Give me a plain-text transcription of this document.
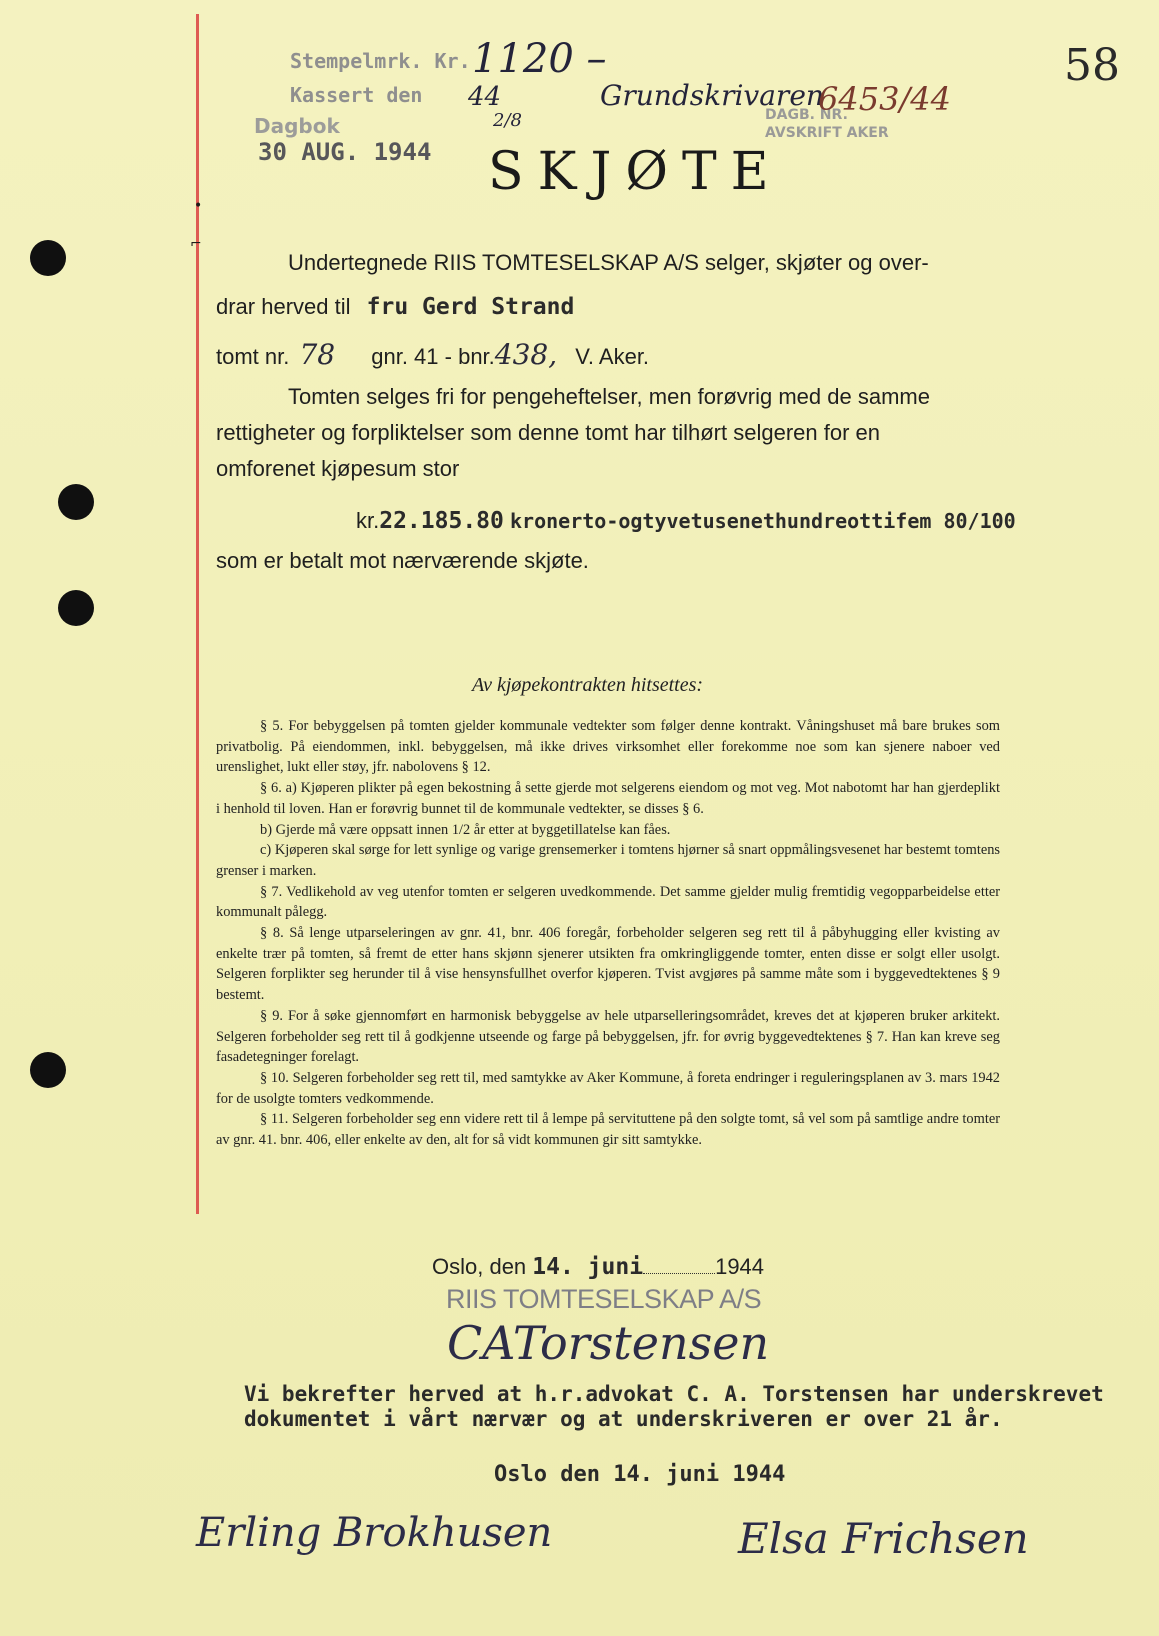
•
⌐
Stempelmrk. Kr.
Kassert den
1120 –
44
2/8
Grundskrivaren
DAGB. NR.
AVSKRIFT AKER
6453/44
Dagbok
30 AUG. 1944
58
SKJØTE
Undertegnede RIIS TOMTESELSKAP A/S selger, skjøter og over-
drar herved til fru Gerd Strand
tomt nr. 78 gnr. 41 - bnr.438, V. Aker.
Tomten selges fri for pengeheftelser, men forøvrig med de samme
rettigheter og forpliktelser som denne tomt har tilhørt selgeren for en
omforenet kjøpesum stor
kr.22.185.80 kronerto-ogtyvetusenethundreottifem 80/100
som er betalt mot nærværende skjøte.
Av kjøpekontrakten hitsettes:

§ 5. For bebyggelsen på tomten gjelder kommunale vedtekter som følger denne kontrakt. Våningshuset må bare brukes som privatbolig. På eiendommen, inkl. bebyggelsen, må ikke drives virksomhet eller forekomme noe som kan sjenere naboer ved urenslighet, lukt eller støy, jfr. nabolovens § 12.

§ 6. a) Kjøperen plikter på egen bekostning å sette gjerde mot selgerens eiendom og mot veg. Mot nabotomt har han gjerdeplikt i henhold til loven. Han er forøvrig bunnet til de kommunale vedtekter, se disses § 6.

b) Gjerde må være oppsatt innen 1/2 år etter at byggetillatelse kan fåes.

c) Kjøperen skal sørge for lett synlige og varige grensemerker i tomtens hjørner så snart oppmålingsvesenet har bestemt tomtens grenser i marken.

§ 7. Vedlikehold av veg utenfor tomten er selgeren uvedkommende. Det samme gjelder mulig fremtidig vegopparbeidelse etter kommunalt pålegg.

§ 8. Så lenge utparseleringen av gnr. 41, bnr. 406 foregår, forbeholder selgeren seg rett til å påbyhugging eller kvisting av enkelte trær på tomten, så fremt de etter hans skjønn sjenerer utsikten fra omkringliggende tomter, enten disse er solgt eller usolgt. Selgeren forplikter seg herunder til å vise hensynsfullhet overfor kjøperen. Tvist avgjøres på samme måte som i byggevedtektenes § 9 bestemt.

§ 9. For å søke gjennomført en harmonisk bebyggelse av hele utparselleringsområdet, kreves det at kjøperen bruker arkitekt. Selgeren forbeholder seg rett til å godkjenne utseende og farge på bebyggelsen, jfr. for øvrig byggevedtektenes § 7. Han kan kreve seg fasadetegninger forelagt.

§ 10. Selgeren forbeholder seg rett til, med samtykke av Aker Kommune, å foreta endringer i reguleringsplanen av 3. mars 1942 for de usolgte tomters vedkommende.

§ 11. Selgeren forbeholder seg enn videre rett til å lempe på servituttene på den solgte tomt, så vel som på samtlige andre tomter av gnr. 41. bnr. 406, eller enkelte av den, alt for så vidt kommunen gir sitt samtykke.

Oslo, den 14. juni	1944
RIIS TOMTESELSKAP A/S
CATorstensen
Vi bekrefter herved at h.r.advokat C. A. Torstensen har underskrevet dokumentet i vårt nærvær og at underskriveren er over 21 år.
Oslo den 14. juni 1944
Erling Brokhusen	Elsa Frichsen
